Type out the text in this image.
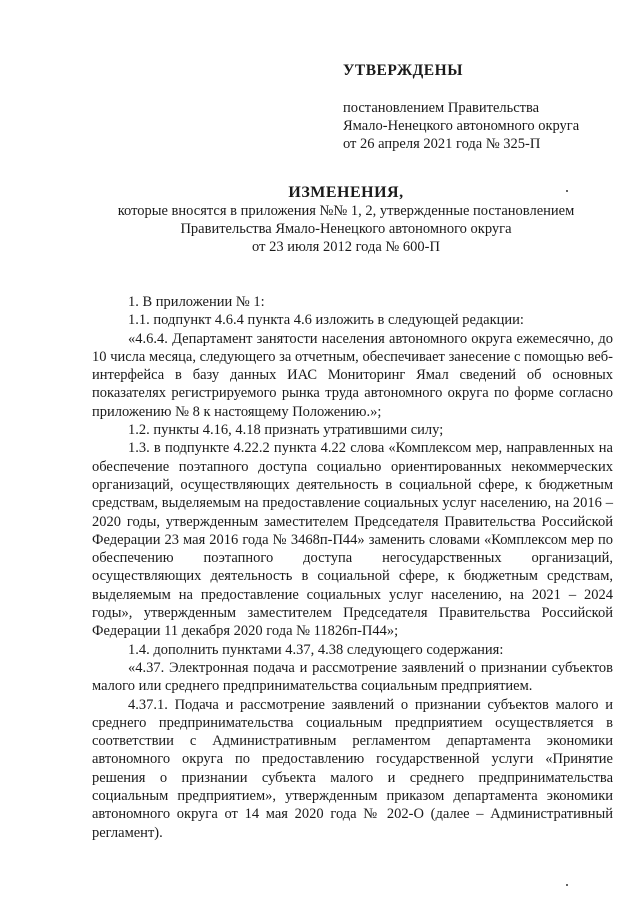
УТВЕРЖДЕНЫ
постановлением Правительства
Ямало-Ненецкого автономного округа
от 26 апреля 2021 года № 325-П
ИЗМЕНЕНИЯ,
которые вносятся в приложения №№ 1, 2, утвержденные постановлением
Правительства Ямало-Ненецкого автономного округа
от 23 июля 2012 года № 600-П

1. В приложении № 1:

1.1. подпункт 4.6.4 пункта 4.6 изложить в следующей редакции:

«4.6.4. Департамент занятости населения автономного округа ежемесячно, до 10 числа месяца, следующего за отчетным, обеспечивает занесение с помощью веб-интерфейса в базу данных ИАС Мониторинг Ямал сведений об основных показателях регистрируемого рынка труда автономного округа по форме согласно приложению № 8 к настоящему Положению.»;

1.2. пункты 4.16, 4.18 признать утратившими силу;

1.3. в подпункте 4.22.2 пункта 4.22 слова «Комплексом мер, направленных на обеспечение поэтапного доступа социально ориентированных некоммерческих организаций, осуществляющих деятельность в социальной сфере, к бюджетным средствам, выделяемым на предоставление социальных услуг населению, на 2016 – 2020 годы, утвержденным заместителем Председателя Правительства Российской Федерации 23 мая 2016 года № 3468п-П44» заменить словами «Комплексом мер по обеспечению поэтапного доступа негосударственных организаций, осуществляющих деятельность в социальной сфере, к бюджетным средствам, выделяемым на предоставление социальных услуг населению, на 2021 – 2024 годы», утвержденным заместителем Председателя Правительства Российской Федерации 11 декабря 2020 года № 11826п-П44»;

1.4. дополнить пунктами 4.37, 4.38 следующего содержания:

«4.37. Электронная подача и рассмотрение заявлений о признании субъектов малого или среднего предпринимательства социальным предприятием.

4.37.1. Подача и рассмотрение заявлений о признании субъектов малого и среднего предпринимательства социальным предприятием осуществляется в соответствии с Административным регламентом департамента экономики автономного округа по предоставлению государственной услуги «Принятие решения о признании субъекта малого и среднего предпринимательства социальным предприятием», утвержденным приказом департамента экономики автономного округа от 14 мая 2020 года № 202-О (далее – Административный регламент).
